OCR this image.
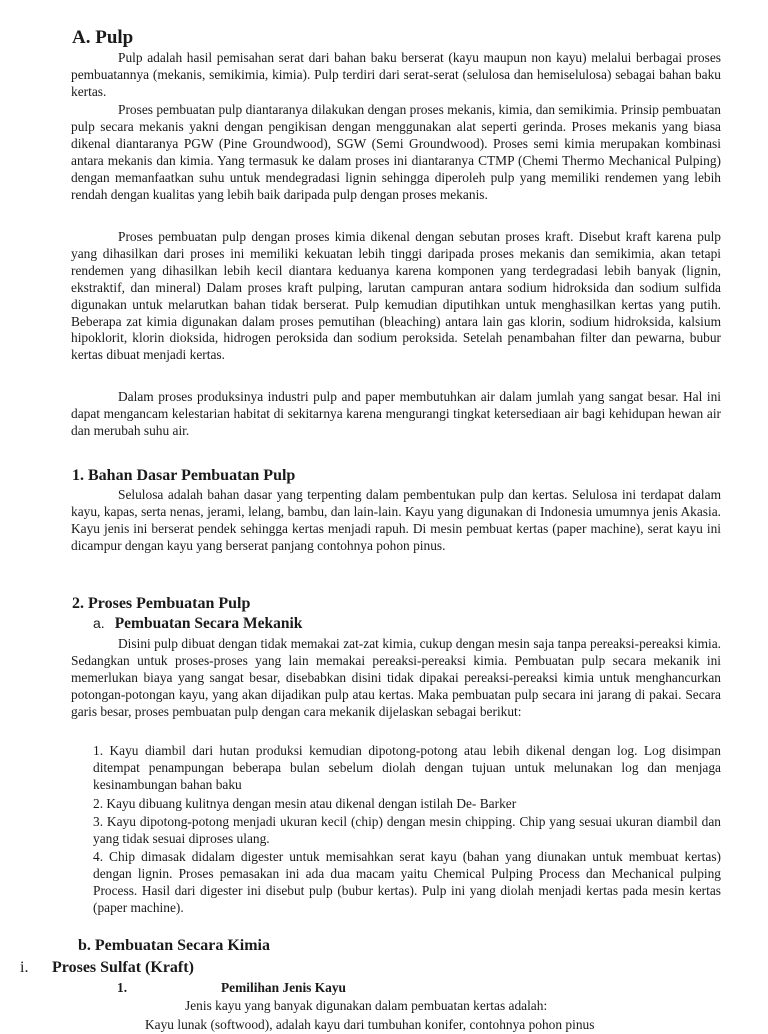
A. Pulp

Pulp adalah hasil pemisahan serat dari bahan baku berserat (kayu maupun non kayu) melalui berbagai proses pembuatannya (mekanis, semikimia, kimia). Pulp terdiri dari serat-serat (selulosa dan hemiselulosa) sebagai bahan baku kertas.

Proses pembuatan pulp diantaranya dilakukan dengan proses mekanis, kimia, dan semikimia. Prinsip pembuatan pulp secara mekanis yakni dengan pengikisan dengan menggunakan alat seperti gerinda. Proses mekanis yang biasa dikenal diantaranya PGW (Pine Groundwood), SGW (Semi Groundwood). Proses semi kimia merupakan kombinasi antara mekanis dan kimia. Yang termasuk ke dalam proses ini diantaranya CTMP (Chemi Thermo Mechanical Pulping) dengan memanfaatkan suhu untuk mendegradasi lignin sehingga diperoleh pulp yang memiliki rendemen yang lebih rendah dengan kualitas yang lebih baik daripada pulp dengan proses mekanis.

Proses pembuatan pulp dengan proses kimia dikenal dengan sebutan proses kraft. Disebut kraft karena pulp yang dihasilkan dari proses ini memiliki kekuatan lebih tinggi daripada proses mekanis dan semikimia, akan tetapi rendemen yang dihasilkan lebih kecil diantara keduanya karena komponen yang terdegradasi lebih banyak (lignin, ekstraktif, dan mineral) Dalam proses kraft pulping, larutan campuran antara sodium hidroksida dan sodium sulfida digunakan untuk melarutkan bahan tidak berserat. Pulp kemudian diputihkan untuk menghasilkan kertas yang putih. Beberapa zat kimia digunakan dalam proses pemutihan (bleaching) antara lain gas klorin, sodium hidroksida, kalsium hipoklorit, klorin dioksida, hidrogen peroksida dan sodium peroksida. Setelah penambahan filter dan pewarna, bubur kertas dibuat menjadi kertas.

Dalam proses produksinya industri pulp and paper membutuhkan air dalam jumlah yang sangat besar. Hal ini dapat mengancam kelestarian habitat di sekitarnya karena mengurangi tingkat ketersediaan air bagi kehidupan hewan air dan merubah suhu air.

1. Bahan Dasar Pembuatan Pulp

Selulosa adalah bahan dasar yang terpenting dalam pembentukan pulp dan kertas. Selulosa ini terdapat dalam kayu, kapas, serta nenas, jerami, lelang, bambu, dan lain-lain. Kayu yang digunakan di Indonesia umumnya jenis Akasia. Kayu jenis ini berserat pendek sehingga kertas menjadi rapuh. Di mesin pembuat kertas (paper machine), serat kayu ini dicampur dengan kayu yang berserat panjang contohnya pohon pinus.

2. Proses Pembuatan Pulp
a. Pembuatan Secara Mekanik

Disini pulp dibuat dengan tidak memakai zat-zat kimia, cukup dengan mesin saja tanpa pereaksi-pereaksi kimia. Sedangkan untuk proses-proses yang lain memakai pereaksi-pereaksi kimia. Pembuatan pulp secara mekanik ini memerlukan biaya yang sangat besar, disebabkan disini tidak dipakai pereaksi-pereaksi kimia untuk menghancurkan potongan-potongan kayu, yang akan dijadikan pulp atau kertas. Maka pembuatan pulp secara ini jarang di pakai. Secara garis besar, proses pembuatan pulp dengan cara mekanik dijelaskan sebagai berikut:

1. Kayu diambil dari hutan produksi kemudian dipotong-potong atau lebih dikenal dengan log. Log disimpan ditempat penampungan beberapa bulan sebelum diolah dengan tujuan untuk melunakan log dan menjaga kesinambungan bahan baku

2. Kayu dibuang kulitnya dengan mesin atau dikenal dengan istilah De- Barker

3. Kayu dipotong-potong menjadi ukuran kecil (chip) dengan mesin chipping. Chip yang sesuai ukuran diambil dan yang tidak sesuai diproses ulang.

4. Chip dimasak didalam digester untuk memisahkan serat kayu (bahan yang diunakan untuk membuat kertas) dengan lignin. Proses pemasakan ini ada dua macam yaitu Chemical Pulping Process dan Mechanical pulping Process. Hasil dari digester ini disebut pulp (bubur kertas). Pulp ini yang diolah menjadi kertas pada mesin kertas (paper machine).

b. Pembuatan Secara Kimia
i. Proses Sulfat (Kraft)
1.	Pemilihan Jenis Kayu

Jenis kayu yang banyak digunakan dalam pembuatan kertas adalah:

Kayu lunak (softwood), adalah kayu dari tumbuhan konifer, contohnya pohon pinus
